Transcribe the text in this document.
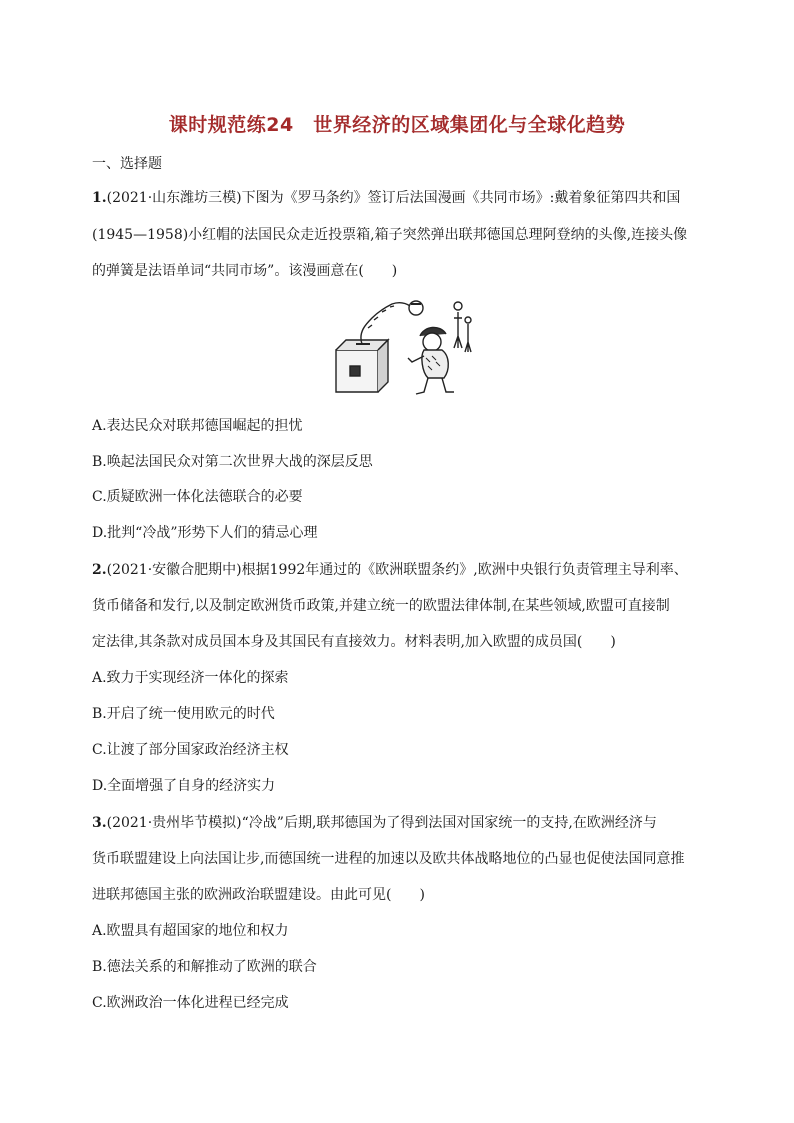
课时规范练24　世界经济的区域集团化与全球化趋势
一、选择题
1.(2021·山东潍坊三模)下图为《罗马条约》签订后法国漫画《共同市场》:戴着象征第四共和国
(1945—1958)小红帽的法国民众走近投票箱,箱子突然弹出联邦德国总理阿登纳的头像,连接头像
的弹簧是法语单词“共同市场”。该漫画意在(　　)
A.表达民众对联邦德国崛起的担忧
B.唤起法国民众对第二次世界大战的深层反思
C.质疑欧洲一体化法德联合的必要
D.批判“冷战”形势下人们的猜忌心理
2.(2021·安徽合肥期中)根据1992年通过的《欧洲联盟条约》,欧洲中央银行负责管理主导利率、
货币储备和发行,以及制定欧洲货币政策,并建立统一的欧盟法律体制,在某些领域,欧盟可直接制
定法律,其条款对成员国本身及其国民有直接效力。材料表明,加入欧盟的成员国(　　)
A.致力于实现经济一体化的探索
B.开启了统一使用欧元的时代
C.让渡了部分国家政治经济主权
D.全面增强了自身的经济实力
3.(2021·贵州毕节模拟)“冷战”后期,联邦德国为了得到法国对国家统一的支持,在欧洲经济与
货币联盟建设上向法国让步,而德国统一进程的加速以及欧共体战略地位的凸显也促使法国同意推
进联邦德国主张的欧洲政治联盟建设。由此可见(　　)
A.欧盟具有超国家的地位和权力
B.德法关系的和解推动了欧洲的联合
C.欧洲政治一体化进程已经完成
